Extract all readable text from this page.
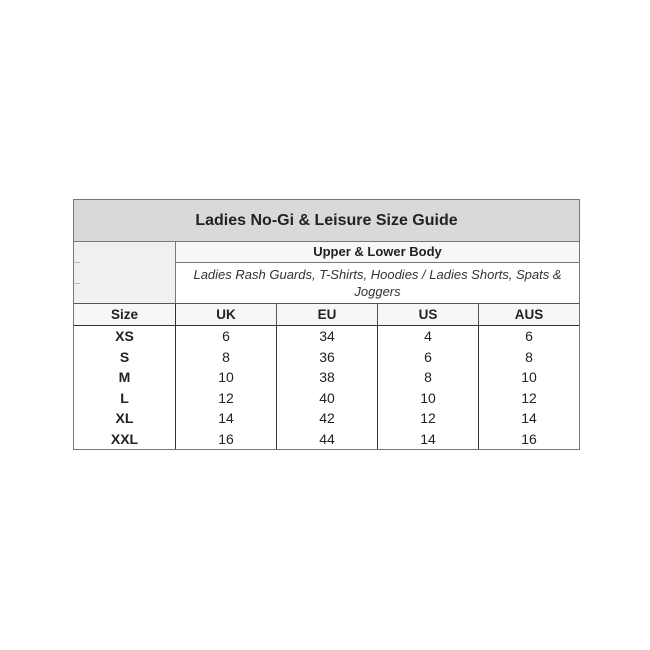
Ladies No-Gi & Leisure Size Guide
Upper & Lower Body
Ladies Rash Guards, T-Shirts, Hoodies / Ladies Shorts, Spats & Joggers
Size	UK	EU	US	AUS
XS	6	34	4	6
S	8	36	6	8
M	10	38	8	10
L	12	40	10	12
XL	14	42	12	14
XXL	16	44	14	16
